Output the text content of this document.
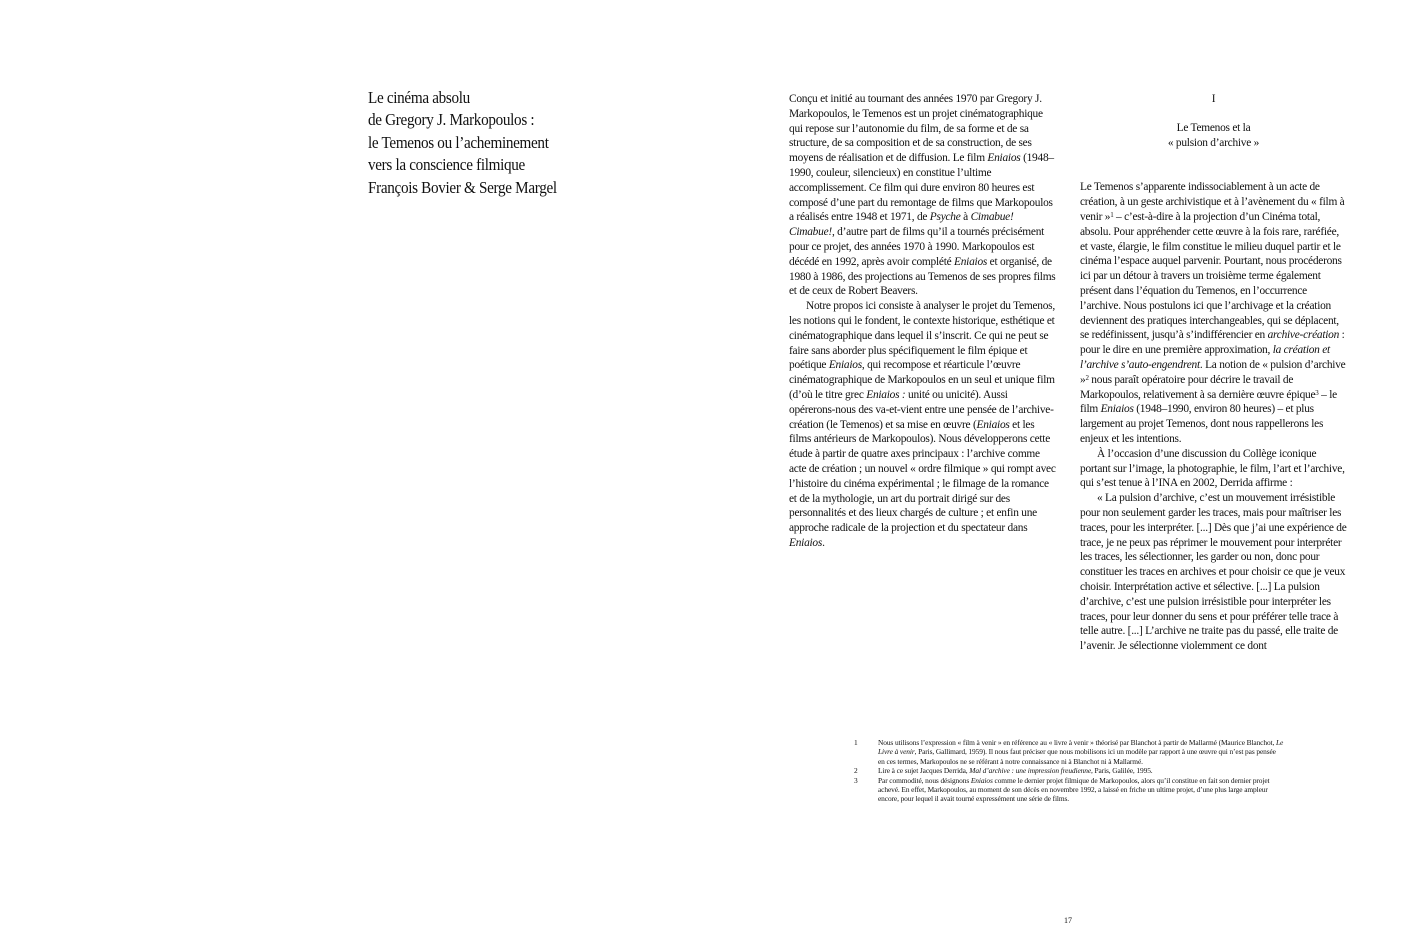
Le cinéma absolu
de Gregory J. Markopoulos :
le Temenos ou l’acheminement
vers la conscience filmique
François Bovier & Serge Margel

Conçu et initié au tournant des années 1970 par Gregory J. Markopoulos, le Temenos est un projet cinématographique qui repose sur l’autonomie du film, de sa forme et de sa structure, de sa composition et de sa construction, de ses moyens de réalisation et de diffusion. Le film Eniaios (1948–1990, couleur, silencieux) en constitue l’ultime accomplissement. Ce film qui dure environ 80 heures est composé d’une part du remontage de films que Markopoulos a réalisés entre 1948 et 1971, de Psyche à Cimabue! Cimabue!, d’autre part de films qu’il a tournés précisément pour ce projet, des années 1970 à 1990. Markopoulos est décédé en 1992, après avoir complété Eniaios et organisé, de 1980 à 1986, des projections au Temenos de ses propres films et de ceux de Robert Beavers.

Notre propos ici consiste à analyser le projet du Temenos, les notions qui le fondent, le contexte historique, esthétique et cinématographique dans lequel il s’inscrit. Ce qui ne peut se faire sans aborder plus spécifiquement le film épique et poétique Eniaios, qui recompose et réarticule l’œuvre cinématographique de Markopoulos en un seul et unique film (d’où le titre grec Eniaios : unité ou unicité). Aussi opérerons-nous des va-et-vient entre une pensée de l’archive-création (le Temenos) et sa mise en œuvre (Eniaios et les films antérieurs de Markopoulos). Nous développerons cette étude à partir de quatre axes principaux : l’archive comme acte de création ; un nouvel « ordre filmique » qui rompt avec l’histoire du cinéma expérimental ; le filmage de la romance et de la mythologie, un art du portrait dirigé sur des personnalités et des lieux chargés de culture ; et enfin une approche radicale de la projection et du spectateur dans Eniaios.

I

Le Temenos et la
« pulsion d’archive »

Le Temenos s’apparente indissociablement à un acte de création, à un geste archivistique et à l’avènement du « film à venir »$^1$ – c’est-à-dire à la projection d’un Cinéma total, absolu. Pour appréhender cette œuvre à la fois rare, raréfiée, et vaste, élargie, le film constitue le milieu duquel partir et le cinéma l’espace auquel parvenir. Pourtant, nous procéderons ici par un détour à travers un troisième terme également présent dans l’équation du Temenos, en l’occurrence l’archive. Nous postulons ici que l’archivage et la création deviennent des pratiques interchangeables, qui se déplacent, se redéfinissent, jusqu’à s’indifférencier en archive-création : pour le dire en une première approximation, la création et l’archive s’auto-engendrent. La notion de « pulsion d’archive »$^2$ nous paraît opératoire pour décrire le travail de Markopoulos, relativement à sa dernière œuvre épique$^3$ – le film Eniaios (1948–1990, environ 80 heures) – et plus largement au projet Temenos, dont nous rappellerons les enjeux et les intentions.

À l’occasion d’une discussion du Collège iconique portant sur l’image, la photographie, le film, l’art et l’archive, qui s’est tenue à l’INA en 2002, Derrida affirme :

« La pulsion d’archive, c’est un mouvement irrésistible pour non seulement garder les traces, mais pour maîtriser les traces, pour les interpréter. [...] Dès que j’ai une expérience de trace, je ne peux pas réprimer le mouvement pour interpréter les traces, les sélectionner, les garder ou non, donc pour constituer les traces en archives et pour choisir ce que je veux choisir. Interprétation active et sélective. [...] La pulsion d’archive, c’est une pulsion irrésistible pour interpréter les traces, pour leur donner du sens et pour préférer telle trace à telle autre. [...] L’archive ne traite pas du passé, elle traite de l’avenir. Je sélectionne violemment ce dont

1	Nous utilisons l’expression « film à venir » en référence au « livre à venir » théorisé par Blanchot à partir de Mallarmé (Maurice Blanchot, Le Livre à venir, Paris, Gallimard, 1959). Il nous faut préciser que nous mobilisons ici un modèle par rapport à une œuvre qui n’est pas pensée en ces termes, Markopoulos ne se référant à notre connaissance ni à Blanchot ni à Mallarmé.

2	Lire à ce sujet Jacques Derrida, Mal d’archive : une impression freudienne, Paris, Galilée, 1995.

3	Par commodité, nous désignons Eniaios comme le dernier projet filmique de Markopoulos, alors qu’il constitue en fait son dernier projet achevé. En effet, Markopoulos, au moment de son décès en novembre 1992, a laissé en friche un ultime projet, d’une plus large ampleur encore, pour lequel il avait tourné expressément une série de films.

17
